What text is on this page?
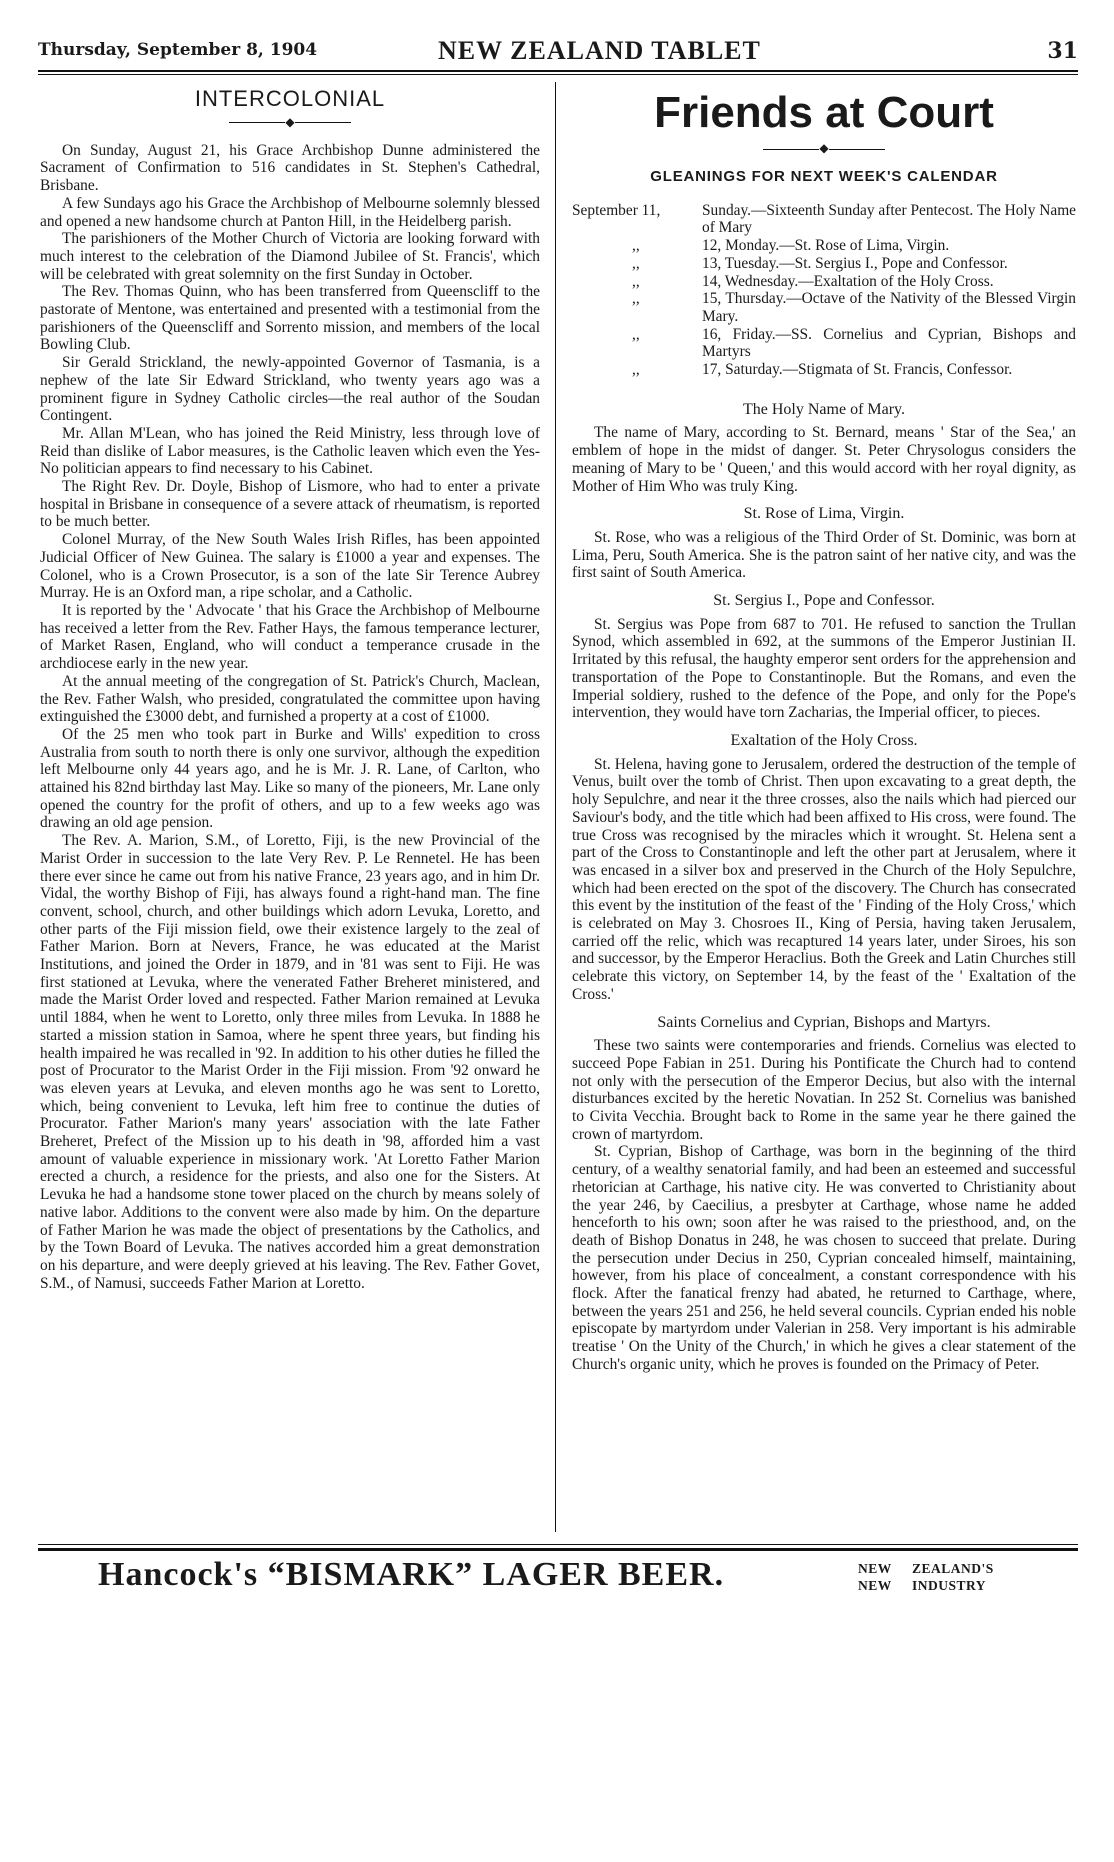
Thursday, September 8, 1904	NEW ZEALAND TABLET	31
INTERCOLONIAL
◆

On Sunday, August 21, his Grace Archbishop Dunne administered the Sacrament of Confirmation to 516 candidates in St. Stephen's Cathedral, Brisbane.

A few Sundays ago his Grace the Archbishop of Melbourne solemnly blessed and opened a new handsome church at Panton Hill, in the Heidelberg parish.

The parishioners of the Mother Church of Victoria are looking forward with much interest to the celebration of the Diamond Jubilee of St. Francis', which will be celebrated with great solemnity on the first Sunday in October.

The Rev. Thomas Quinn, who has been transferred from Queenscliff to the pastorate of Mentone, was entertained and presented with a testimonial from the parishioners of the Queenscliff and Sorrento mission, and members of the local Bowling Club.

Sir Gerald Strickland, the newly-appointed Governor of Tasmania, is a nephew of the late Sir Edward Strickland, who twenty years ago was a prominent figure in Sydney Catholic circles—the real author of the Soudan Contingent.

Mr. Allan M'Lean, who has joined the Reid Ministry, less through love of Reid than dislike of Labor measures, is the Catholic leaven which even the Yes-No politician appears to find necessary to his Cabinet.

The Right Rev. Dr. Doyle, Bishop of Lismore, who had to enter a private hospital in Brisbane in consequence of a severe attack of rheumatism, is reported to be much better.

Colonel Murray, of the New South Wales Irish Rifles, has been appointed Judicial Officer of New Guinea. The salary is £1000 a year and expenses. The Colonel, who is a Crown Prosecutor, is a son of the late Sir Terence Aubrey Murray. He is an Oxford man, a ripe scholar, and a Catholic.

It is reported by the ' Advocate ' that his Grace the Archbishop of Melbourne has received a letter from the Rev. Father Hays, the famous temperance lecturer, of Market Rasen, England, who will conduct a temperance crusade in the archdiocese early in the new year.

At the annual meeting of the congregation of St. Patrick's Church, Maclean, the Rev. Father Walsh, who presided, congratulated the committee upon having extinguished the £3000 debt, and furnished a property at a cost of £1000.

Of the 25 men who took part in Burke and Wills' expedition to cross Australia from south to north there is only one survivor, although the expedition left Melbourne only 44 years ago, and he is Mr. J. R. Lane, of Carlton, who attained his 82nd birthday last May. Like so many of the pioneers, Mr. Lane only opened the country for the profit of others, and up to a few weeks ago was drawing an old age pension.

The Rev. A. Marion, S.M., of Loretto, Fiji, is the new Provincial of the Marist Order in succession to the late Very Rev. P. Le Rennetel. He has been there ever since he came out from his native France, 23 years ago, and in him Dr. Vidal, the worthy Bishop of Fiji, has always found a right-hand man. The fine convent, school, church, and other buildings which adorn Levuka, Loretto, and other parts of the Fiji mission field, owe their existence largely to the zeal of Father Marion. Born at Nevers, France, he was educated at the Marist Institutions, and joined the Order in 1879, and in '81 was sent to Fiji. He was first stationed at Levuka, where the venerated Father Breheret ministered, and made the Marist Order loved and respected. Father Marion remained at Levuka until 1884, when he went to Loretto, only three miles from Levuka. In 1888 he started a mission station in Samoa, where he spent three years, but finding his health impaired he was recalled in '92. In addition to his other duties he filled the post of Procurator to the Marist Order in the Fiji mission. From '92 onward he was eleven years at Levuka, and eleven months ago he was sent to Loretto, which, being convenient to Levuka, left him free to continue the duties of Procurator. Father Marion's many years' association with the late Father Breheret, Prefect of the Mission up to his death in '98, afforded him a vast amount of valuable experience in missionary work. 'At Loretto Father Marion erected a church, a residence for the priests, and also one for the Sisters. At Levuka he had a handsome stone tower placed on the church by means solely of native labor. Additions to the convent were also made by him. On the departure of Father Marion he was made the object of presentations by the Catholics, and by the Town Board of Levuka. The natives accorded him a great demonstration on his departure, and were deeply grieved at his leaving. The Rev. Father Govet, S.M., of Namusi, succeeds Father Marion at Loretto.

Friends at Court
◆
GLEANINGS FOR NEXT WEEK'S CALENDAR
September 11,	Sunday.—Sixteenth Sunday after Pentecost. The Holy Name of Mary
,,	12, Monday.—St. Rose of Lima, Virgin.
,,	13, Tuesday.—St. Sergius I., Pope and Confessor.
,,	14, Wednesday.—Exaltation of the Holy Cross.
,,	15, Thursday.—Octave of the Nativity of the Blessed Virgin Mary.
,,	16, Friday.—SS. Cornelius and Cyprian, Bishops and Martyrs
,,	17, Saturday.—Stigmata of St. Francis, Confessor.
The Holy Name of Mary.

The name of Mary, according to St. Bernard, means ' Star of the Sea,' an emblem of hope in the midst of danger. St. Peter Chrysologus considers the meaning of Mary to be ' Queen,' and this would accord with her royal dignity, as Mother of Him Who was truly King.

St. Rose of Lima, Virgin.

St. Rose, who was a religious of the Third Order of St. Dominic, was born at Lima, Peru, South America. She is the patron saint of her native city, and was the first saint of South America.

St. Sergius I., Pope and Confessor.

St. Sergius was Pope from 687 to 701. He refused to sanction the Trullan Synod, which assembled in 692, at the summons of the Emperor Justinian II. Irritated by this refusal, the haughty emperor sent orders for the apprehension and transportation of the Pope to Constantinople. But the Romans, and even the Imperial soldiery, rushed to the defence of the Pope, and only for the Pope's intervention, they would have torn Zacharias, the Imperial officer, to pieces.

Exaltation of the Holy Cross.

St. Helena, having gone to Jerusalem, ordered the destruction of the temple of Venus, built over the tomb of Christ. Then upon excavating to a great depth, the holy Sepulchre, and near it the three crosses, also the nails which had pierced our Saviour's body, and the title which had been affixed to His cross, were found. The true Cross was recognised by the miracles which it wrought. St. Helena sent a part of the Cross to Constantinople and left the other part at Jerusalem, where it was encased in a silver box and preserved in the Church of the Holy Sepulchre, which had been erected on the spot of the discovery. The Church has consecrated this event by the institution of the feast of the ' Finding of the Holy Cross,' which is celebrated on May 3. Chosroes II., King of Persia, having taken Jerusalem, carried off the relic, which was recaptured 14 years later, under Siroes, his son and successor, by the Emperor Heraclius. Both the Greek and Latin Churches still celebrate this victory, on September 14, by the feast of the ' Exaltation of the Cross.'

Saints Cornelius and Cyprian, Bishops and Martyrs.

These two saints were contemporaries and friends. Cornelius was elected to succeed Pope Fabian in 251. During his Pontificate the Church had to contend not only with the persecution of the Emperor Decius, but also with the internal disturbances excited by the heretic Novatian. In 252 St. Cornelius was banished to Civita Vecchia. Brought back to Rome in the same year he there gained the crown of martyrdom.

St. Cyprian, Bishop of Carthage, was born in the beginning of the third century, of a wealthy senatorial family, and had been an esteemed and successful rhetorician at Carthage, his native city. He was converted to Christianity about the year 246, by Caecilius, a presbyter at Carthage, whose name he added henceforth to his own; soon after he was raised to the priesthood, and, on the death of Bishop Donatus in 248, he was chosen to succeed that prelate. During the persecution under Decius in 250, Cyprian concealed himself, maintaining, however, from his place of concealment, a constant correspondence with his flock. After the fanatical frenzy had abated, he returned to Carthage, where, between the years 251 and 256, he held several councils. Cyprian ended his noble episcopate by martyrdom under Valerian in 258. Very important is his admirable treatise ' On the Unity of the Church,' in which he gives a clear statement of the Church's organic unity, which he proves is founded on the Primacy of Peter.

Hancock's “BISMARK” LAGER BEER.	NEW ZEALAND'S
NEW INDUSTRY
